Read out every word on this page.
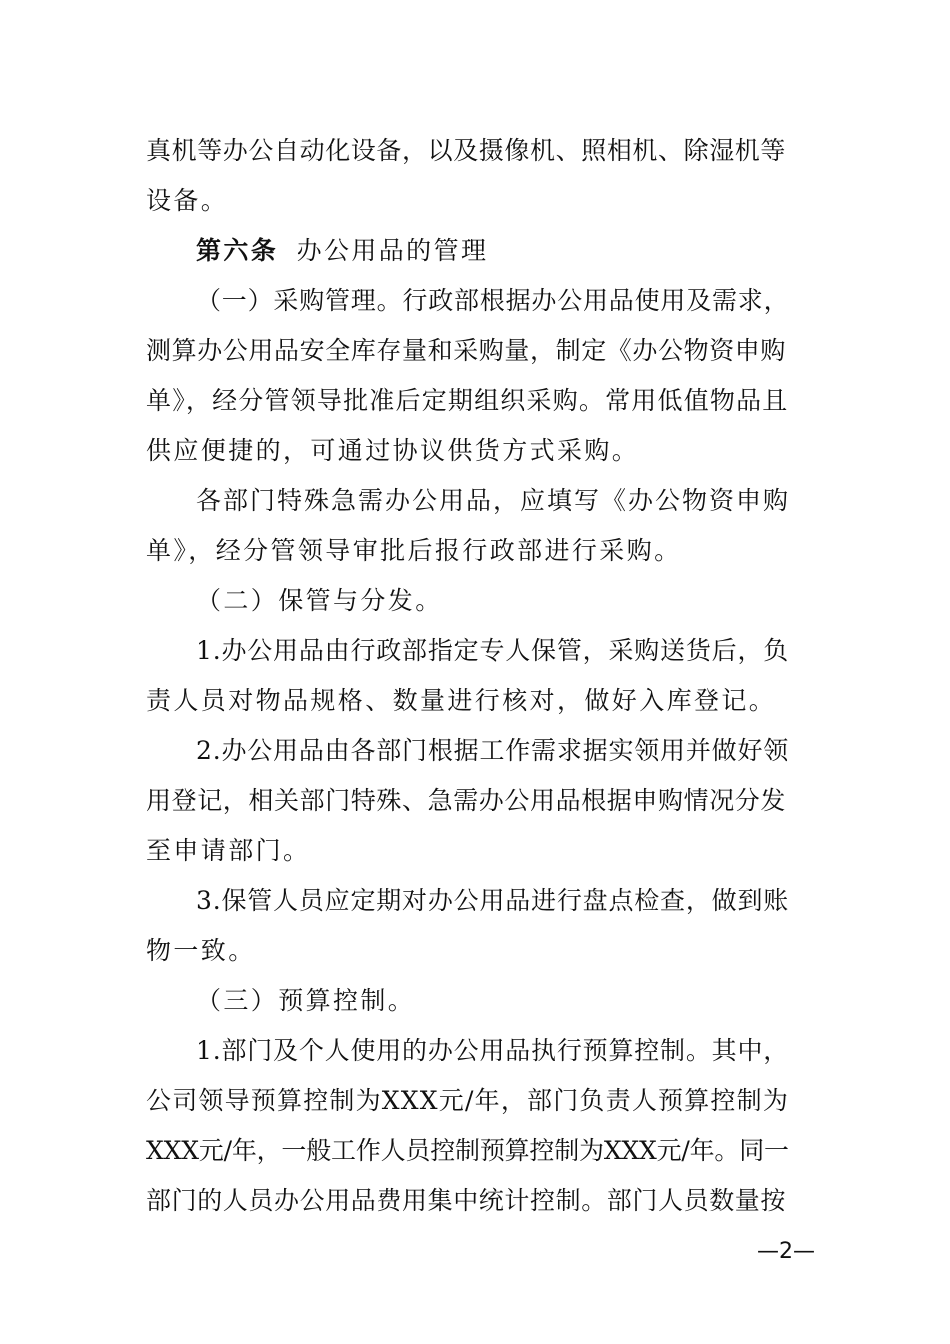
真机等办公自动化设备，以及摄像机、照相机、除湿机等
设备。
第六条 办公用品的管理
（一）采购管理。行政部根据办公用品使用及需求，
测算办公用品安全库存量和采购量，制定《办公物资申购
单》，经分管领导批准后定期组织采购。常用低值物品且
供应便捷的，可通过协议供货方式采购。
各部门特殊急需办公用品，应填写《办公物资申购
单》，经分管领导审批后报行政部进行采购。
（二）保管与分发。
1.办公用品由行政部指定专人保管，采购送货后，负
责人员对物品规格、数量进行核对，做好入库登记。
2.办公用品由各部门根据工作需求据实领用并做好领
用登记，相关部门特殊、急需办公用品根据申购情况分发
至申请部门。
3.保管人员应定期对办公用品进行盘点检查，做到账
物一致。
（三）预算控制。
1.部门及个人使用的办公用品执行预算控制。其中，
公司领导预算控制为XXX元/年，部门负责人预算控制为
XXX元/年，一般工作人员控制预算控制为XXX元/年。同一
部门的人员办公用品费用集中统计控制。部门人员数量按
—2—
